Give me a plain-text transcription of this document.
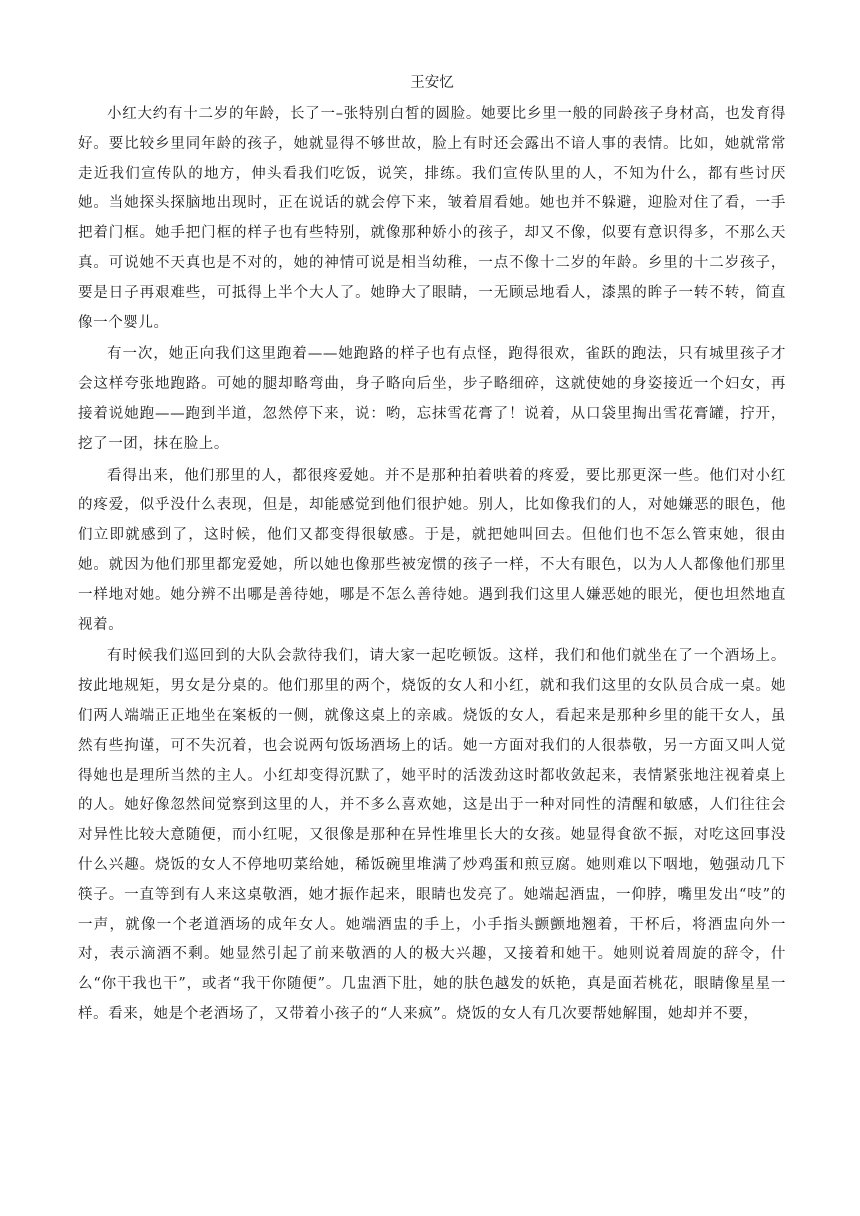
王安忆

小红大约有十二岁的年龄，长了一–张特别白皙的圆脸。她要比乡里一般的同龄孩子身材高，也发育得好。要比较乡里同年龄的孩子，她就显得不够世故，脸上有时还会露出不谙人事的表情。比如，她就常常走近我们宣传队的地方，伸头看我们吃饭，说笑，排练。我们宣传队里的人，不知为什么，都有些讨厌她。当她探头探脑地出现时，正在说话的就会停下来，皱着眉看她。她也并不躲避，迎脸对住了看，一手把着门框。她手把门框的样子也有些特别，就像那种娇小的孩子，却又不像，似要有意识得多，不那么天真。可说她不天真也是不对的，她的神情可说是相当幼稚，一点不像十二岁的年龄。乡里的十二岁孩子，要是日子再艰难些，可抵得上半个大人了。她睁大了眼睛，一无顾忌地看人，漆黑的眸子一转不转，简直像一个婴儿。

有一次，她正向我们这里跑着——她跑路的样子也有点怪，跑得很欢，雀跃的跑法，只有城里孩子才会这样夸张地跑路。可她的腿却略弯曲，身子略向后坐，步子略细碎，这就使她的身姿接近一个妇女，再接着说她跑——跑到半道，忽然停下来，说：哟，忘抹雪花膏了！说着，从口袋里掏出雪花膏罐，拧开，挖了一团，抹在脸上。

看得出来，他们那里的人，都很疼爱她。并不是那种拍着哄着的疼爱，要比那更深一些。他们对小红的疼爱，似乎没什么表现，但是，却能感觉到他们很护她。别人，比如像我们的人，对她嫌恶的眼色，他们立即就感到了，这时候，他们又都变得很敏感。于是，就把她叫回去。但他们也不怎么管束她，很由她。就因为他们那里都宠爱她，所以她也像那些被宠惯的孩子一样，不大有眼色，以为人人都像他们那里一样地对她。她分辨不出哪是善待她，哪是不怎么善待她。遇到我们这里人嫌恶她的眼光，便也坦然地直视着。

有时候我们巡回到的大队会款待我们，请大家一起吃顿饭。这样，我们和他们就坐在了一个酒场上。按此地规矩，男女是分桌的。他们那里的两个，烧饭的女人和小红，就和我们这里的女队员合成一桌。她们两人端端正正地坐在案板的一侧，就像这桌上的亲戚。烧饭的女人，看起来是那种乡里的能干女人，虽然有些拘谨，可不失沉着，也会说两句饭场酒场上的话。她一方面对我们的人很恭敬，另一方面又叫人觉得她也是理所当然的主人。小红却变得沉默了，她平时的活泼劲这时都收敛起来，表情紧张地注视着桌上的人。她好像忽然间觉察到这里的人，并不多么喜欢她，这是出于一种对同性的清醒和敏感，人们往往会对异性比较大意随便，而小红呢，又很像是那种在异性堆里长大的女孩。她显得食欲不振，对吃这回事没什么兴趣。烧饭的女人不停地叨菜给她，稀饭碗里堆满了炒鸡蛋和煎豆腐。她则难以下咽地，勉强动几下筷子。一直等到有人来这桌敬酒，她才振作起来，眼睛也发亮了。她端起酒盅，一仰脖，嘴里发出“吱”的一声，就像一个老道酒场的成年女人。她端酒盅的手上，小手指头颤颤地翘着，干杯后，将酒盅向外一对，表示滴酒不剩。她显然引起了前来敬酒的人的极大兴趣，又接着和她干。她则说着周旋的辞令，什么“你干我也干”，或者“我干你随便”。几盅酒下肚，她的肤色越发的妖艳，真是面若桃花，眼睛像星星一样。看来，她是个老酒场了，又带着小孩子的“人来疯”。烧饭的女人有几次要帮她解围，她却并不要，
